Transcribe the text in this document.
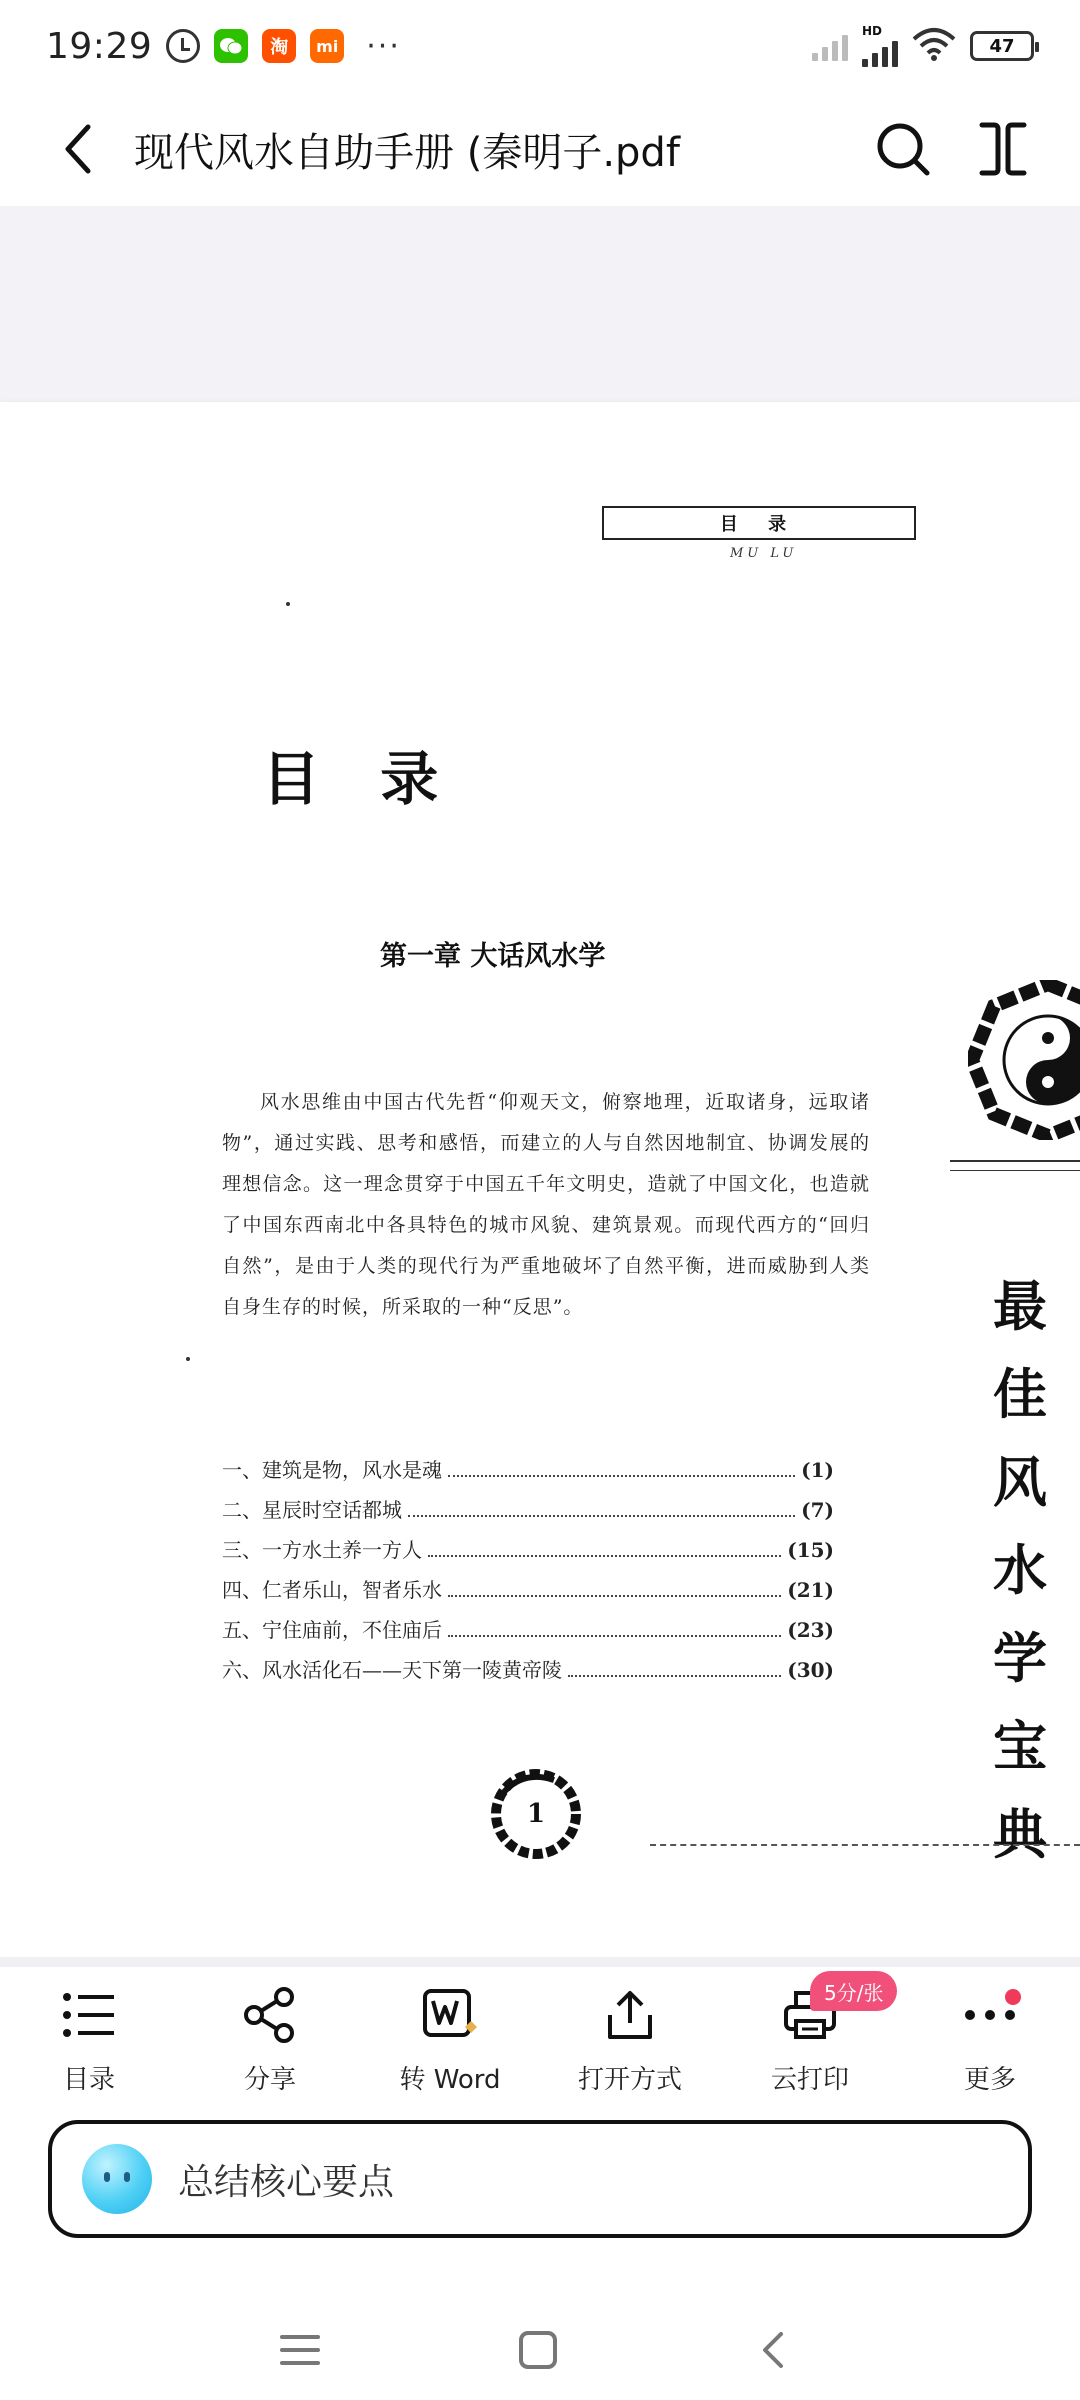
19:29	淘	mi ···	HD
47
现代风水自助手册 (秦明子.pdf
目 录
MU LU
目 录
第一章 大话风水学
风水思维由中国古代先哲“仰观天文，俯察地理，近取诸身，远取诸物”，通过实践、思考和感悟，而建立的人与自然因地制宜、协调发展的理想信念。这一理念贯穿于中国五千年文明史，造就了中国文化，也造就了中国东西南北中各具特色的城市风貌、建筑景观。而现代西方的“回归自然”，是由于人类的现代行为严重地破坏了自然平衡，进而威胁到人类自身生存的时候，所采取的一种“反思”。
一、建筑是物，风水是魂	(1)
二、星辰时空话都城	(7)
三、一方水土养一方人	(15)
四、仁者乐山，智者乐水	(21)
五、宁住庙前，不住庙后	(23)
六、风水活化石——天下第一陵黄帝陵	(30)
最佳风水学宝典
1
目录	分享	转 Word	打开方式	云打印	更多
5分/张
总结核心要点
